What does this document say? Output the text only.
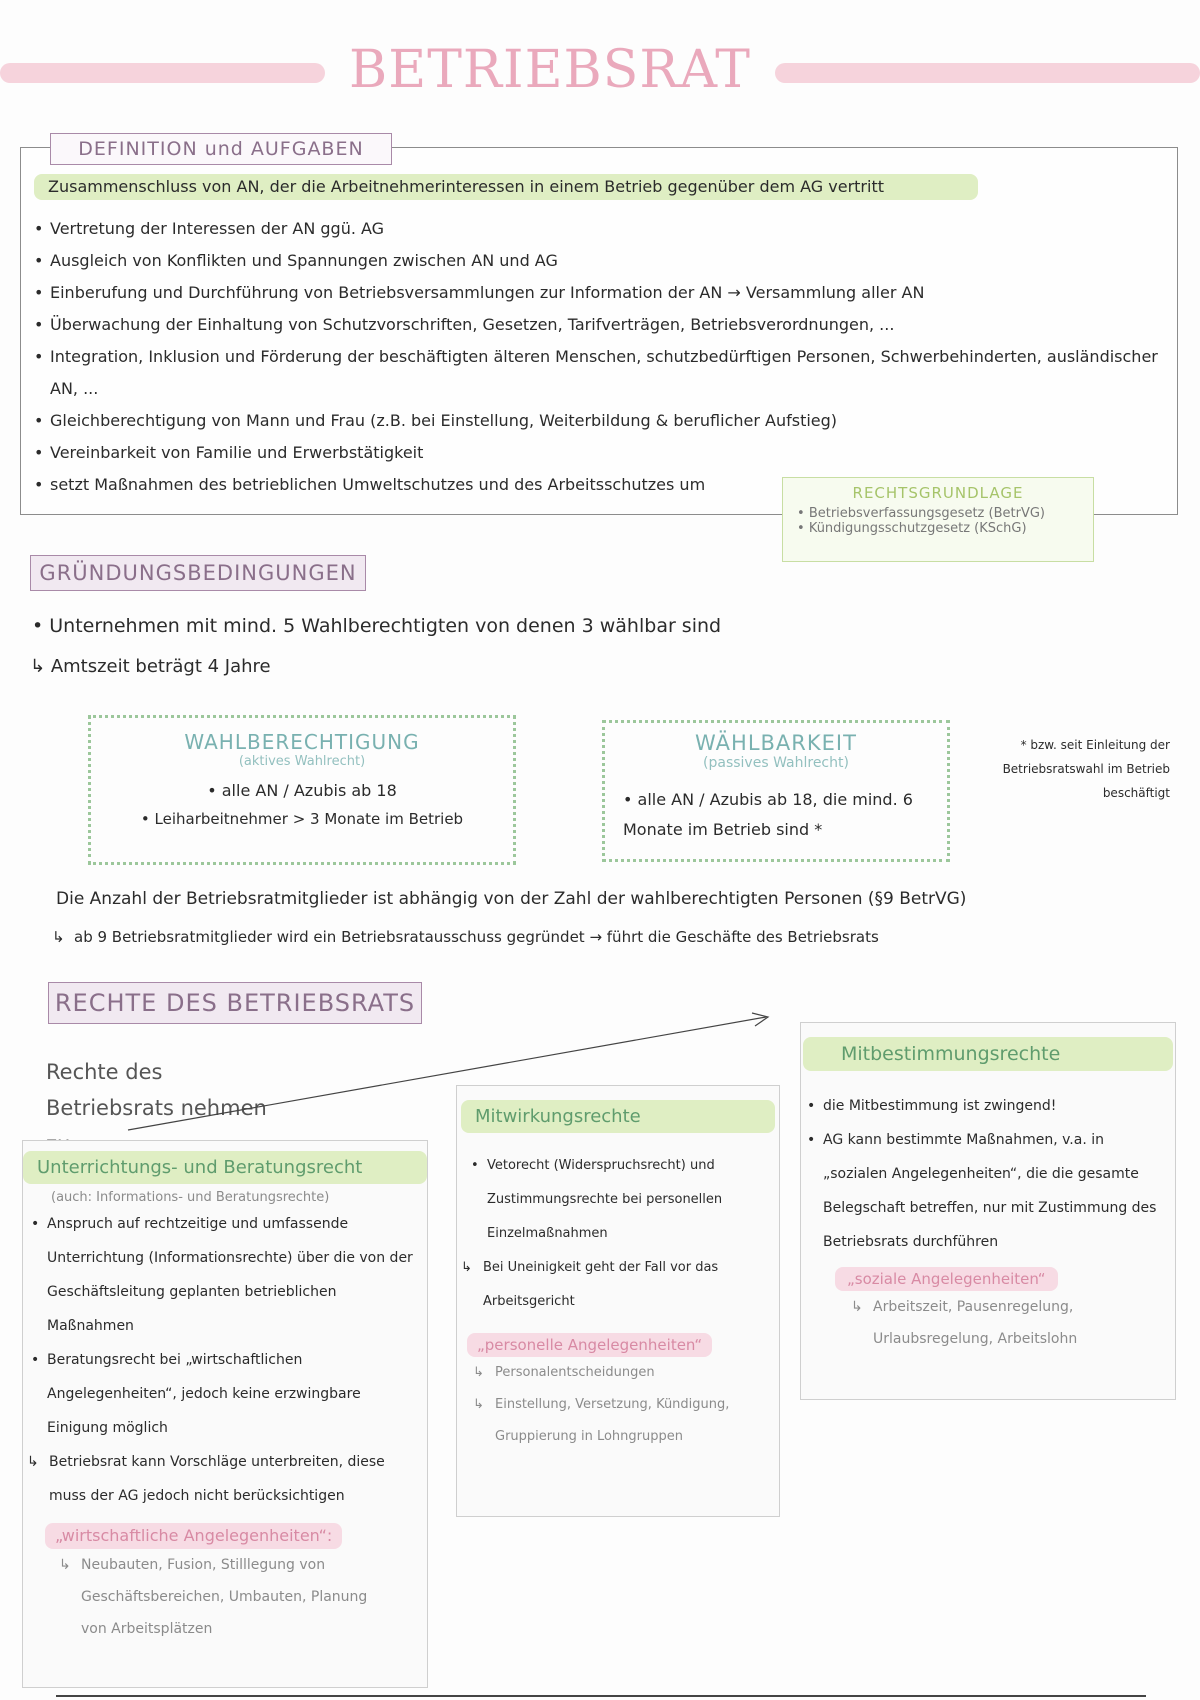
BETRIEBSRAT
DEFINITION und AUFGABEN
Zusammenschluss von AN, der die Arbeitnehmerinteressen in einem Betrieb gegenüber dem AG vertritt
• Vertretung der Interessen der AN ggü. AG
• Ausgleich von Konflikten und Spannungen zwischen AN und AG
• Einberufung und Durchführung von Betriebsversammlungen zur Information der AN → Versammlung aller AN
• Überwachung der Einhaltung von Schutzvorschriften, Gesetzen, Tarifverträgen, Betriebsverordnungen, ...
• Integration, Inklusion und Förderung der beschäftigten älteren Menschen, schutzbedürftigen Personen, Schwerbehinderten, ausländischer AN, ...
• Gleichberechtigung von Mann und Frau (z.B. bei Einstellung, Weiterbildung & beruflicher Aufstieg)
• Vereinbarkeit von Familie und Erwerbstätigkeit
• setzt Maßnahmen des betrieblichen Umweltschutzes und des Arbeitsschutzes um	RECHTSGRUNDLAGE
• Betriebsverfassungsgesetz (BetrVG)
• Kündigungsschutzgesetz (KSchG)
GRÜNDUNGSBEDINGUNGEN
• Unternehmen mit mind. 5 Wahlberechtigten von denen 3 wählbar sind
↳ Amtszeit beträgt 4 Jahre
WAHLBERECHTIGUNG
(aktives Wahlrecht)
• alle AN / Azubis ab 18
• Leiharbeitnehmer > 3 Monate im Betrieb
WÄHLBARKEIT
(passives Wahlrecht)
• alle AN / Azubis ab 18, die mind. 6 Monate im Betrieb sind *
* bzw. seit Einleitung der Betriebsratswahl im Betrieb beschäftigt
Die Anzahl der Betriebsratmitglieder ist abhängig von der Zahl der wahlberechtigten Personen (§9 BetrVG)
↳ ab 9 Betriebsratmitglieder wird ein Betriebsratausschuss gegründet → führt die Geschäfte des Betriebsrats
RECHTE DES BETRIEBSRATS
Rechte des Betriebsrats nehmen
Unterrichtungs- und Beratungsrecht
(auch: Informations- und Beratungsrechte)
• Anspruch auf rechtzeitige und umfassende Unterrichtung (Informationsrechte) über die von der Geschäftsleitung geplanten betrieblichen Maßnahmen
• Beratungsrecht bei „wirtschaftlichen Angelegenheiten“, jedoch keine erzwingbare Einigung möglich
↳ Betriebsrat kann Vorschläge unterbreiten, diese muss der AG jedoch nicht berücksichtigen
„wirtschaftliche Angelegenheiten“:
↳ Neubauten, Fusion, Stilllegung von Geschäftsbereichen, Umbauten, Planung von Arbeitsplätzen
Mitwirkungsrechte
• Vetorecht (Widerspruchsrecht) und Zustimmungsrechte bei personellen Einzelmaßnahmen
↳ Bei Uneinigkeit geht der Fall vor das Arbeitsgericht
„personelle Angelegenheiten“
↳ Personalentscheidungen
↳ Einstellung, Versetzung, Kündigung, Gruppierung in Lohngruppen
Mitbestimmungsrechte
• die Mitbestimmung ist zwingend!
• AG kann bestimmte Maßnahmen, v.a. in „sozialen Angelegenheiten“, die die gesamte Belegschaft betreffen, nur mit Zustimmung des Betriebsrats durchführen
„soziale Angelegenheiten“
↳ Arbeitszeit, Pausenregelung, Urlaubsregelung, Arbeitslohn
